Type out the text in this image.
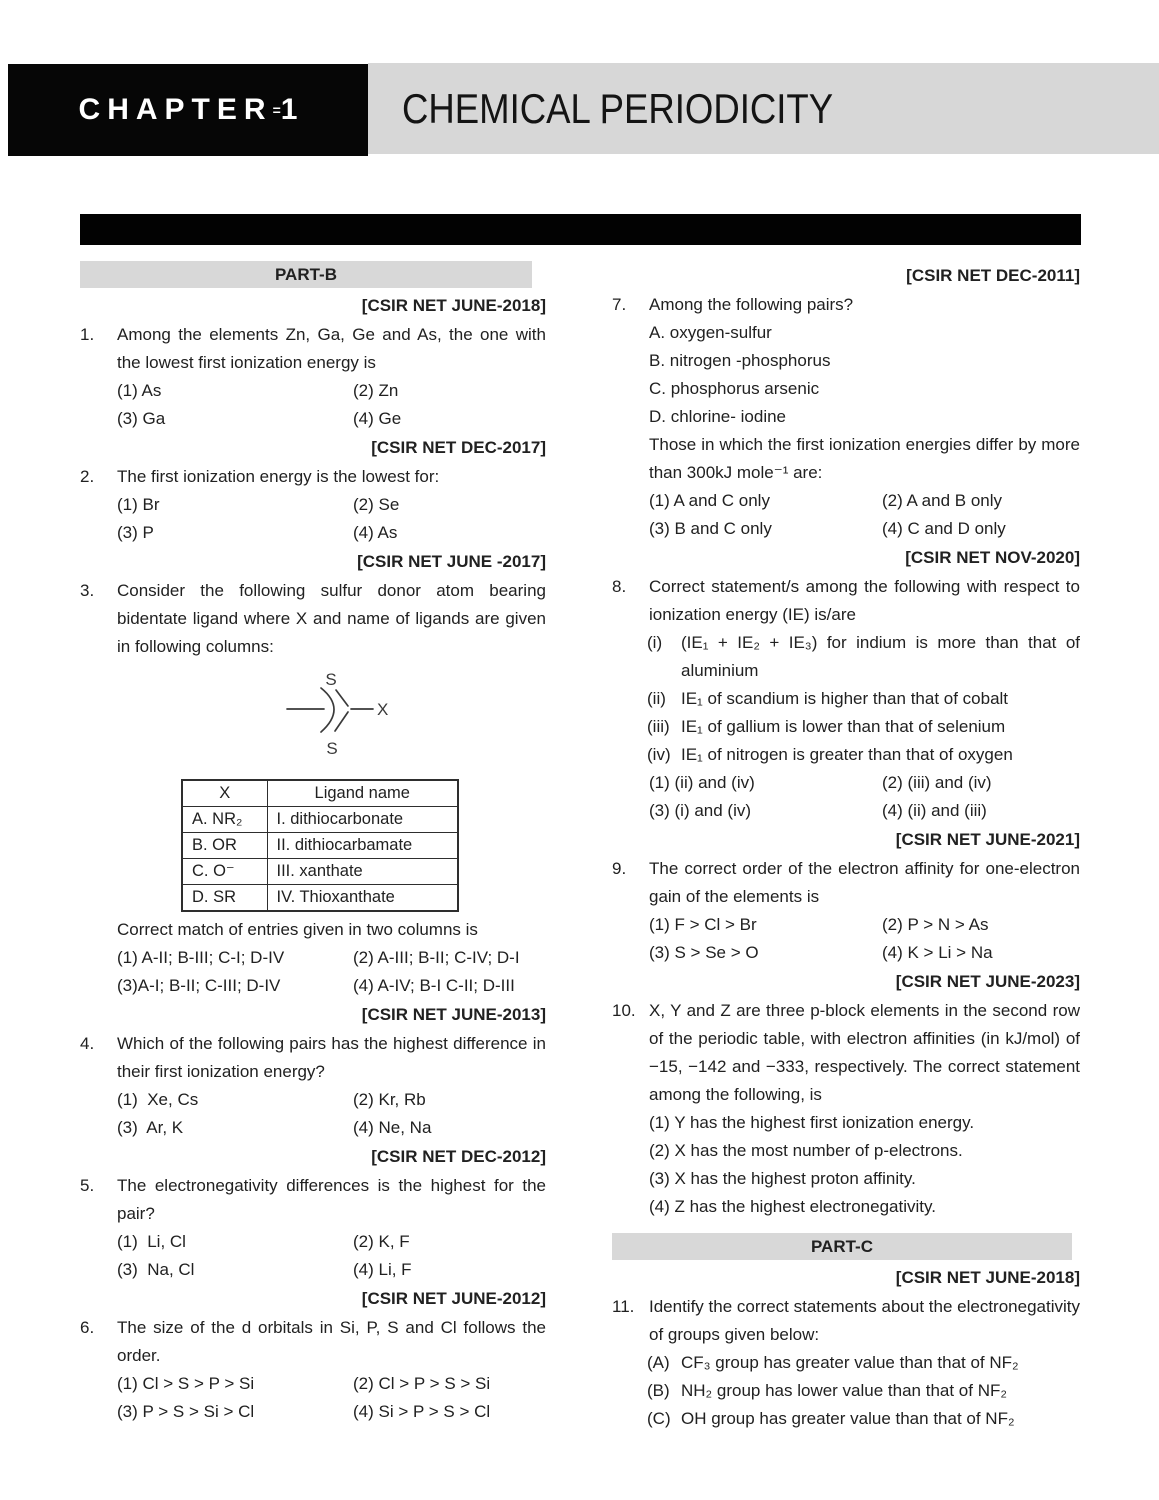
CHAPTER=1 CHEMICAL PERIODICITY
PART-B
[CSIR NET JUNE-2018]
1.	Among the elements Zn, Ga, Ge and As, the one with the lowest first ionization energy is
(1) As	(2) Zn
(3) Ga	(4) Ge
[CSIR NET DEC-2017]
2.	The first ionization energy is the lowest for:
(1) Br	(2) Se
(3) P	(4) As
[CSIR NET JUNE -2017]
3.	Consider the following sulfur donor atom bearing bidentate ligand where X and name of ligands are given in following columns:
S
S
X
X	Ligand name
A. NR₂	I. dithiocarbonate
B. OR	II. dithiocarbamate
C. O⁻	III. xanthate
D. SR	IV. Thioxanthate
Correct match of entries given in two columns is
(1) A-II; B-III; C-I; D-IV	(2) A-III; B-II; C-IV; D-I
(3)A-I; B-II; C-III; D-IV	(4) A-IV; B-I C-II; D-III
[CSIR NET JUNE-2013]
4.	Which of the following pairs has the highest difference in their first ionization energy?
(1)  Xe, Cs	(2) Kr, Rb
(3)  Ar, K	(4) Ne, Na
[CSIR NET DEC-2012]
5.	The electronegativity differences is the highest for the pair?
(1)  Li, Cl	(2) K, F
(3)  Na, Cl	(4) Li, F
[CSIR NET JUNE-2012]
6.	The size of the d orbitals in Si, P, S and Cl follows the order.
(1) Cl > S > P > Si	(2) Cl > P > S > Si
(3) P > S > Si > Cl	(4) Si > P > S > Cl
[CSIR NET DEC-2011]
7.	Among the following pairs?
A. oxygen-sulfur
B. nitrogen -phosphorus
C. phosphorus arsenic
D. chlorine- iodine
Those in which the first ionization energies differ by more than 300kJ mole⁻¹ are:
(1) A and C only	(2) A and B only
(3) B and C only	(4) C and D only
[CSIR NET NOV-2020]
8.	Correct statement/s among the following with respect to ionization energy (IE) is/are
(i)	(IE₁ + IE₂ + IE₃) for indium is more than that of aluminium
(ii) IE₁ of scandium is higher than that of cobalt
(iii) IE₁ of gallium is lower than that of selenium
(iv) IE₁ of nitrogen is greater than that of oxygen
(1) (ii) and (iv)	(2) (iii) and (iv)
(3) (i) and (iv)	(4) (ii) and (iii)
[CSIR NET JUNE-2021]
9.	The correct order of the electron affinity for one-electron gain of the elements is
(1) F > Cl > Br	(2) P > N > As
(3) S > Se > O	(4) K > Li > Na
[CSIR NET JUNE-2023]
10. X, Y and Z are three p-block elements in the second row of the periodic table, with electron affinities (in kJ/mol) of −15, −142 and −333, respectively. The correct statement among the following, is
(1) Y has the highest first ionization energy.
(2) X has the most number of p-electrons.
(3) X has the highest proton affinity.
(4) Z has the highest electronegativity.
PART-C
[CSIR NET JUNE-2018]
11. Identify the correct statements about the electronegativity of groups given below:
(A) CF₃ group has greater value than that of NF₂
(B) NH₂ group has lower value than that of NF₂
(C) OH group has greater value than that of NF₂
